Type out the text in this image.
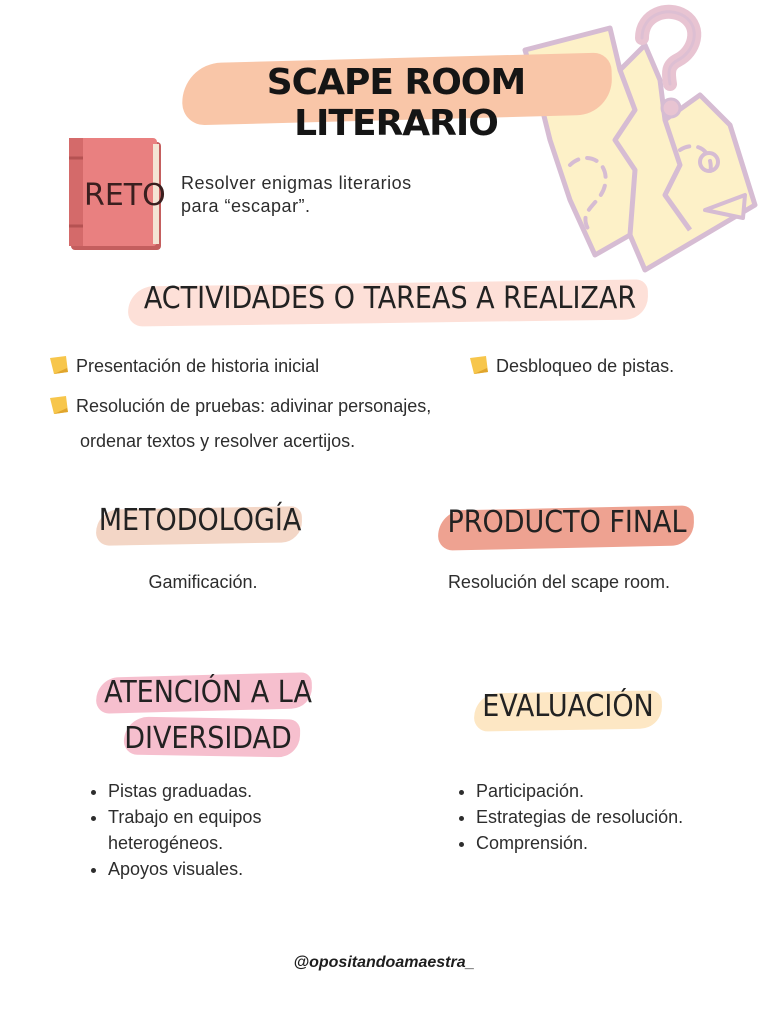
SCAPE ROOM LITERARIO
RETO Resolver enigmas literarios
para “escapar”.
ACTIVIDADES O TAREAS A REALIZAR
Presentación de historia inicial
Resolución de pruebas: adivinar personajes,
ordenar textos y resolver acertijos.
Desbloqueo de pistas.
METODOLOGÍA
Gamificación.
PRODUCTO FINAL
Resolución del scape room.
ATENCIÓN A LA
DIVERSIDAD
• Pistas graduadas.
• Trabajo en equipos heterogéneos.
• Apoyos visuales.
EVALUACIÓN
• Participación.
• Estrategias de resolución.
• Comprensión.
@opositandoamaestra_
